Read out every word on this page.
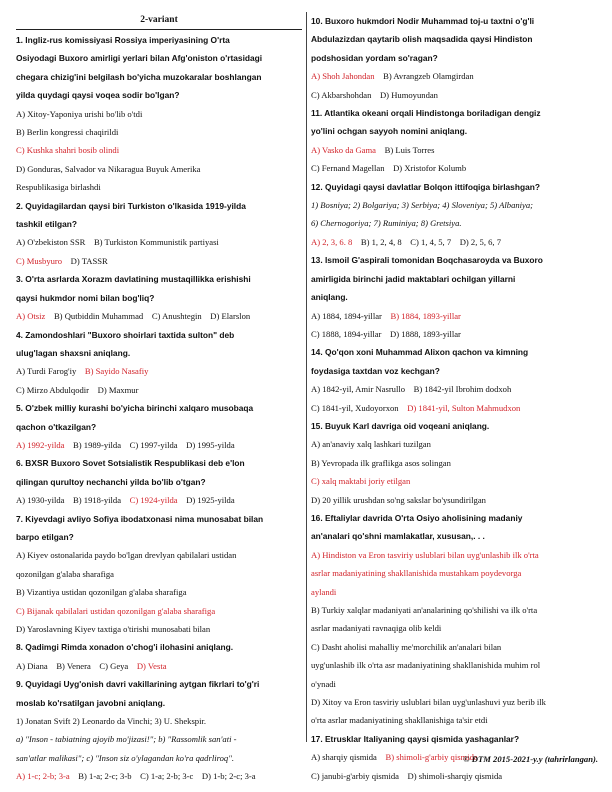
2-variant
1. Ingliz-rus komissiyasi Rossiya imperiyasining O'rta
Osiyodagi Buxoro amirligi yerlari bilan Afg'oniston o'rtasidagi
chegara chizig'ini belgilash bo'yicha muzokaralar boshlangan
yilda quydagi qaysi voqea sodir bo'lgan?
A) Xitoy-Yaponiya urishi bo'lib o'tdi
B) Berlin kongressi chaqirildi
C) Kushka shahri bosib olindi
D) Gonduras, Salvador va Nikaragua Buyuk Amerika
Respublikasiga birlashdi
2. Quyidagilardan qaysi biri Turkiston o'lkasida 1919-yilda
tashkil etilgan?
A) O'zbekiston SSR    B) Turkiston Kommunistik partiyasi
C) Musbyuro    D) TASSR
3. O'rta asrlarda Xorazm davlatining mustaqillikka erishishi
qaysi hukmdor nomi bilan bog'liq?
A) Otsiz    B) Qutbiddin Muhammad    C) Anushtegin    D) Elarslon
4. Zamondoshlari "Buxoro shoirlari taxtida sulton" deb
ulug'lagan shaxsni aniqlang.
A) Turdi Farog'iy    B) Sayido Nasafiy
C) Mirzo Abdulqodir    D) Maxmur
5. O'zbek milliy kurashi bo'yicha birinchi xalqaro musobaqa
qachon o'tkazilgan?
A) 1992-yilda    B) 1989-yilda    C) 1997-yilda    D) 1995-yilda
6. BXSR Buxoro Sovet Sotsialistik Respublikasi deb e'lon
qilingan qurultoy nechanchi yilda bo'lib o'tgan?
A) 1930-yilda    B) 1918-yilda    C) 1924-yilda    D) 1925-yilda
7. Kiyevdagi avliyo Sofiya ibodatxonasi nima munosabat bilan
barpo etilgan?
A) Kiyev ostonalarida paydo bo'lgan drevlyan qabilalari ustidan
qozonilgan g'alaba sharafiga
B) Vizantiya ustidan qozonilgan g'alaba sharafiga
C) Bijanak qabilalari ustidan qozonilgan g'alaba sharafiga
D) Yaroslavning Kiyev taxtiga o'tirishi munosabati bilan
8. Qadimgi Rimda xonadon o'chog'i ilohasini aniqlang.
A) Diana    B) Venera    C) Geya    D) Vesta
9. Quyidagi Uyg'onish davri vakillarining aytgan fikrlari to'g'ri
moslab ko'rsatilgan javobni aniqlang.
1) Jonatan Svift 2) Leonardo da Vinchi; 3) U. Shekspir.
a) "Inson - tabiatning ajoyib mo'jizasi!"; b) "Rassomlik san'ati -
san'atlar malikasi"; c) "Inson siz o'ylagandan ko'ra qadrliroq".
A) 1-c; 2-b; 3-a    B) 1-a; 2-c; 3-b    C) 1-a; 2-b; 3-c    D) 1-b; 2-c; 3-a
10. Buxoro hukmdori Nodir Muhammad toj-u taxtni o'g'li
Abdulazizdan qaytarib olish maqsadida qaysi Hindiston
podshosidan yordam so'ragan?
A) Shoh Jahondan    B) Avrangzeb Olamgirdan
C) Akbarshohdan    D) Humoyundan
11. Atlantika okeani orqali Hindistonga boriladigan dengiz
yo'lini ochgan sayyoh nomini aniqlang.
A) Vasko da Gama    B) Luis Torres
C) Fernand Magellan    D) Xristofor Kolumb
12. Quyidagi qaysi davlatlar Bolqon ittifoqiga birlashgan?
1) Bosniya; 2) Bolgariya; 3) Serbiya; 4) Sloveniya; 5) Albaniya;
6) Chernogoriya; 7) Ruminiya; 8) Gretsiya.
A) 2, 3, 6. 8    B) 1, 2, 4, 8    C) 1, 4, 5, 7    D) 2, 5, 6, 7
13. Ismoil G'aspirali tomonidan Boqchasaroyda va Buxoro
amirligida birinchi jadid maktablari ochilgan yillarni
aniqlang.
A) 1884, 1894-yillar    B) 1884, 1893-yillar
C) 1888, 1894-yillar    D) 1888, 1893-yillar
14. Qo'qon xoni Muhammad Alixon qachon va kimning
foydasiga taxtdan voz kechgan?
A) 1842-yil, Amir Nasrullo    B) 1842-yil Ibrohim dodxoh
C) 1841-yil, Xudoyorxon    D) 1841-yil, Sulton Mahmudxon
15. Buyuk Karl davriga oid voqeani aniqlang.
A) an'anaviy xalq lashkari tuzilgan
B) Yevropada ilk graflikga asos solingan
C) xalq maktabi joriy etilgan
D) 20 yillik urushdan so'ng sakslar bo'ysundirilgan
16. Eftaliylar davrida O'rta Osiyo aholisining madaniy
an'analari qo'shni mamlakatlar, xususan,. . .
A) Hindiston va Eron tasviriy uslublari bilan uyg'unlashib ilk o'rta
asrlar madaniyatining shakllanishida mustahkam poydevorga
aylandi
B) Turkiy xalqlar madaniyati an'analarining qo'shilishi va ilk o'rta
asrlar madaniyati ravnaqiga olib keldi
C) Dasht aholisi mahalliy me'morchilik an'analari bilan
uyg'unlashib ilk o'rta asr madaniyatining shakllanishida muhim rol
o'ynadi
D) Xitoy va Eron tasviriy uslublari bilan uyg'unlashuvi yuz berib ilk
o'rta asrlar madaniyatining shakllanishiga ta'sir etdi
17. Etrusklar Italiyaning qaysi qismida yashaganlar?
A) sharqiy qismida    B) shimoli-g'arbiy qismida
C) janubi-g'arbiy qismida    D) shimoli-sharqiy qismida
© DTM 2015-2021-y.y (tahrirlangan).
